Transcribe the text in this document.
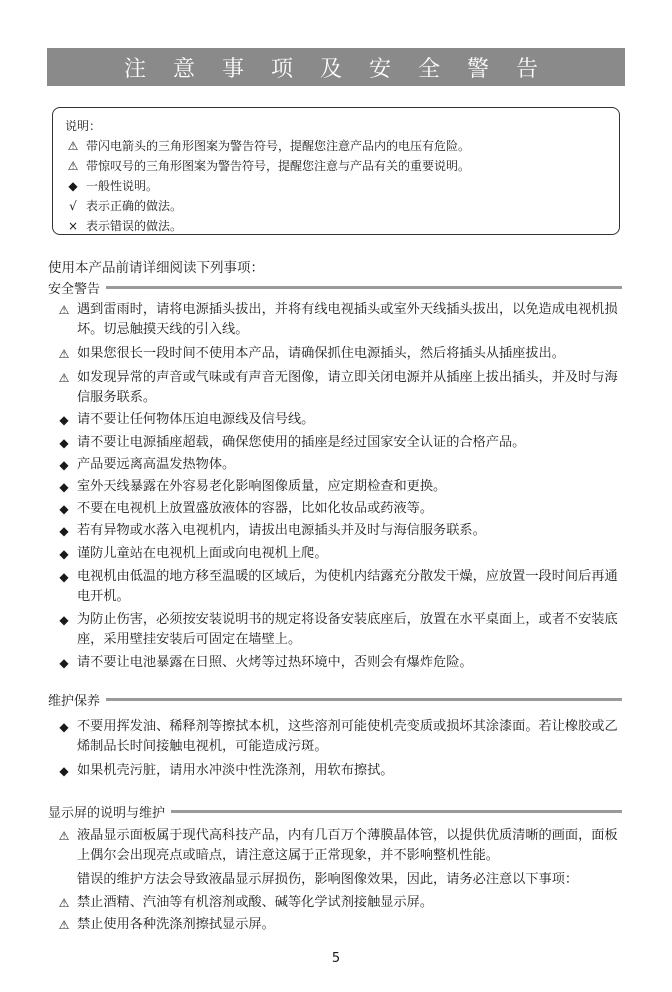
注 意 事 项 及 安 全 警 告
说明：
⚠ 带闪电箭头的三角形图案为警告符号，提醒您注意产品内的电压有危险。
⚠ 带惊叹号的三角形图案为警告符号，提醒您注意与产品有关的重要说明。
◆ 一般性说明。
√ 表示正确的做法。
× 表示错误的做法。
使用本产品前请详细阅读下列事项：
安全警告
⚠ 遇到雷雨时，请将电源插头拔出，并将有线电视插头或室外天线插头拔出，以免造成电视机损坏。切忌触摸天线的引入线。
⚠ 如果您很长一段时间不使用本产品，请确保抓住电源插头，然后将插头从插座拔出。
⚠ 如发现异常的声音或气味或有声音无图像，请立即关闭电源并从插座上拔出插头，并及时与海信服务联系。
◆ 请不要让任何物体压迫电源线及信号线。
◆ 请不要让电源插座超载，确保您使用的插座是经过国家安全认证的合格产品。
◆ 产品要远离高温发热物体。
◆ 室外天线暴露在外容易老化影响图像质量，应定期检查和更换。
◆ 不要在电视机上放置盛放液体的容器，比如化妆品或药液等。
◆ 若有异物或水落入电视机内，请拔出电源插头并及时与海信服务联系。
◆ 谨防儿童站在电视机上面或向电视机上爬。
◆ 电视机由低温的地方移至温暖的区域后，为使机内结露充分散发干燥，应放置一段时间后再通电开机。
◆ 为防止伤害，必须按安装说明书的规定将设备安装底座后，放置在水平桌面上，或者不安装底座，采用壁挂安装后可固定在墙壁上。
◆ 请不要让电池暴露在日照、火烤等过热环境中，否则会有爆炸危险。
维护保养
◆ 不要用挥发油、稀释剂等擦拭本机，这些溶剂可能使机壳变质或损坏其涂漆面。若让橡胶或乙烯制品长时间接触电视机，可能造成污斑。
◆ 如果机壳污脏，请用水冲淡中性洗涤剂，用软布擦拭。
显示屏的说明与维护
⚠ 液晶显示面板属于现代高科技产品，内有几百万个薄膜晶体管，以提供优质清晰的画面，面板上偶尔会出现亮点或暗点，请注意这属于正常现象，并不影响整机性能。
错误的维护方法会导致液晶显示屏损伤，影响图像效果，因此，请务必注意以下事项：
⚠ 禁止酒精、汽油等有机溶剂或酸、碱等化学试剂接触显示屏。
⚠ 禁止使用各种洗涤剂擦拭显示屏。
5
